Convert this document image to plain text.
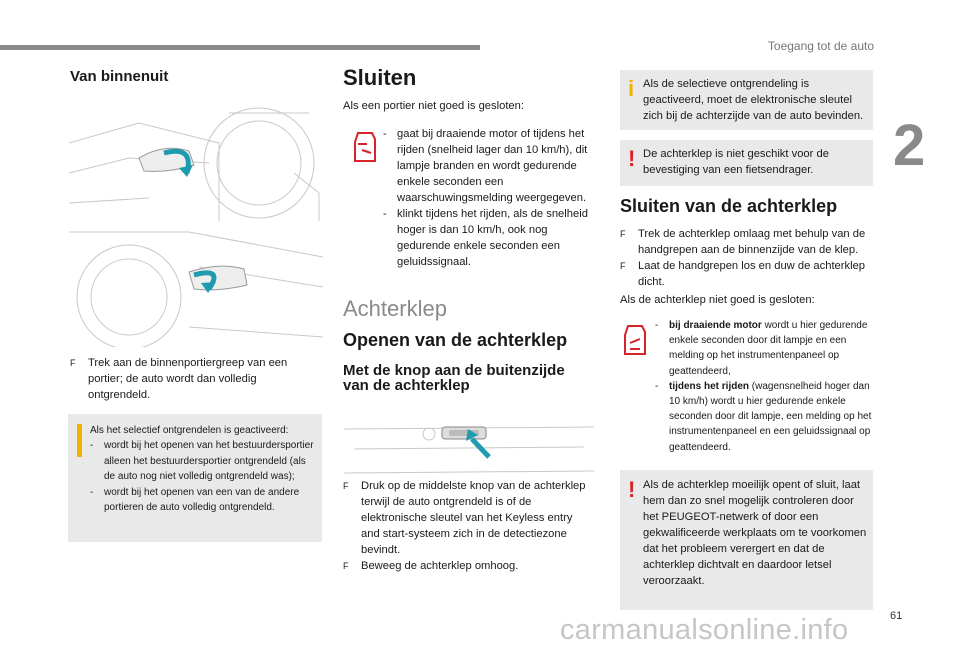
Toegang tot de auto
2
Van binnenuit
F	Trek aan de binnenportiergreep van een portier; de auto wordt dan volledig ontgrendeld.
Als het selectief ontgrendelen is geactiveerd:
-	wordt bij het openen van het bestuurdersportier alleen het bestuurdersportier ontgrendeld (als de auto nog niet volledig ontgrendeld was);
-	wordt bij het openen van een van de andere portieren de auto volledig ontgrendeld.
Sluiten
Als een portier niet goed is gesloten:
- gaat bij draaiende motor of tijdens het rijden (snelheid lager dan 10 km/h), dit lampje branden en wordt gedurende enkele seconden een waarschuwingsmelding weergegeven.
- klinkt tijdens het rijden, als de snelheid hoger is dan 10 km/h, ook nog gedurende enkele seconden een geluidssignaal.
Achterklep
Openen van de achterklep
Met de knop aan de buitenzijde van de achterklep
F	Druk op de middelste knop van de achterklep terwijl de auto ontgrendeld is of de elektronische sleutel van het Keyless entry and start-systeem zich in de detectiezone bevindt.
F	Beweeg de achterklep omhoog.
i Als de selectieve ontgrendeling is geactiveerd, moet de elektronische sleutel zich bij de achterzijde van de auto bevinden.
! De achterklep is niet geschikt voor de bevestiging van een fietsendrager.
Sluiten van de achterklep
F	Trek de achterklep omlaag met behulp van de handgrepen aan de binnenzijde van de klep.
F	Laat de handgrepen los en duw de achterklep dicht.
Als de achterklep niet goed is gesloten:
-	bij draaiende motor wordt u hier gedurende enkele seconden door dit lampje en een melding op het instrumentenpaneel op geattendeerd,
-	tijdens het rijden (wagensnelheid hoger dan 10 km/h) wordt u hier gedurende enkele seconden door dit lampje, een melding op het instrumentenpaneel en een geluidssignaal op geattendeerd.
! Als de achterklep moeilijk opent of sluit, laat hem dan zo snel mogelijk controleren door het PEUGEOT-netwerk of door een gekwalificeerde werkplaats om te voorkomen dat het probleem verergert en dat de achterklep dichtvalt en daardoor letsel veroorzaakt.
61
carmanualsonline.info
